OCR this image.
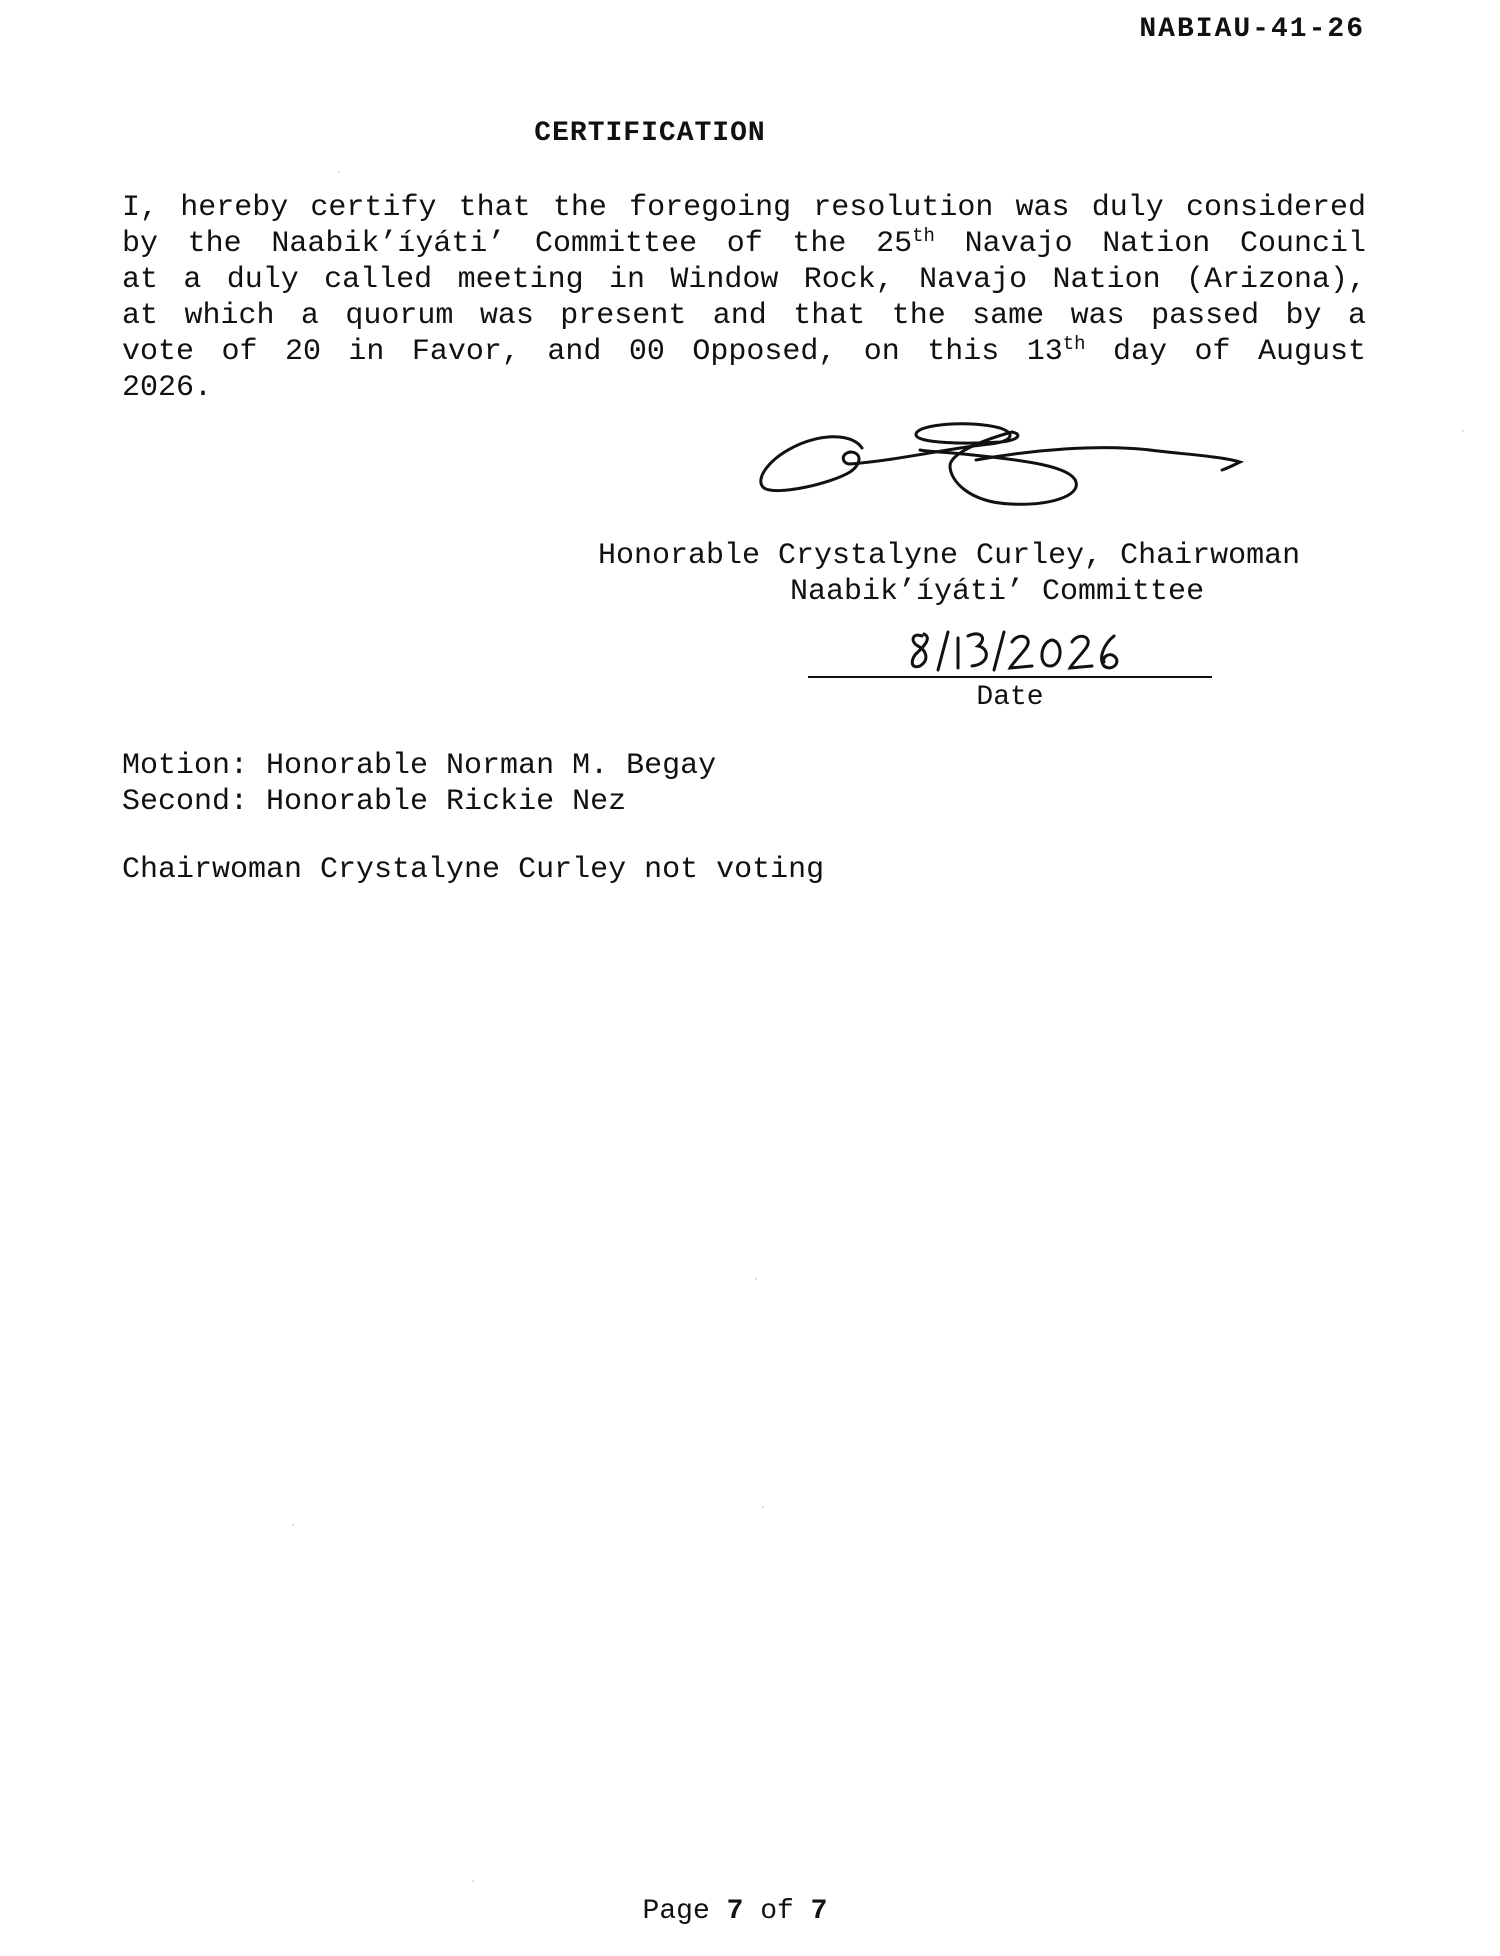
NABIAU-41-26
CERTIFICATION
I, hereby certify that the foregoing resolution was duly considered
by the Naabik’íyáti’ Committee of the 25th Navajo Nation Council
at a duly called meeting in Window Rock, Navajo Nation (Arizona),
at which a quorum was present and that the same was passed by a
vote of 20 in Favor, and 00 Opposed, on this 13th day of August
2026.
Honorable Crystalyne Curley, Chairwoman
Naabik’íyáti’ Committee
Date
Motion: Honorable Norman M. Begay
Second: Honorable Rickie Nez
Chairwoman Crystalyne Curley not voting
Page 7 of 7
